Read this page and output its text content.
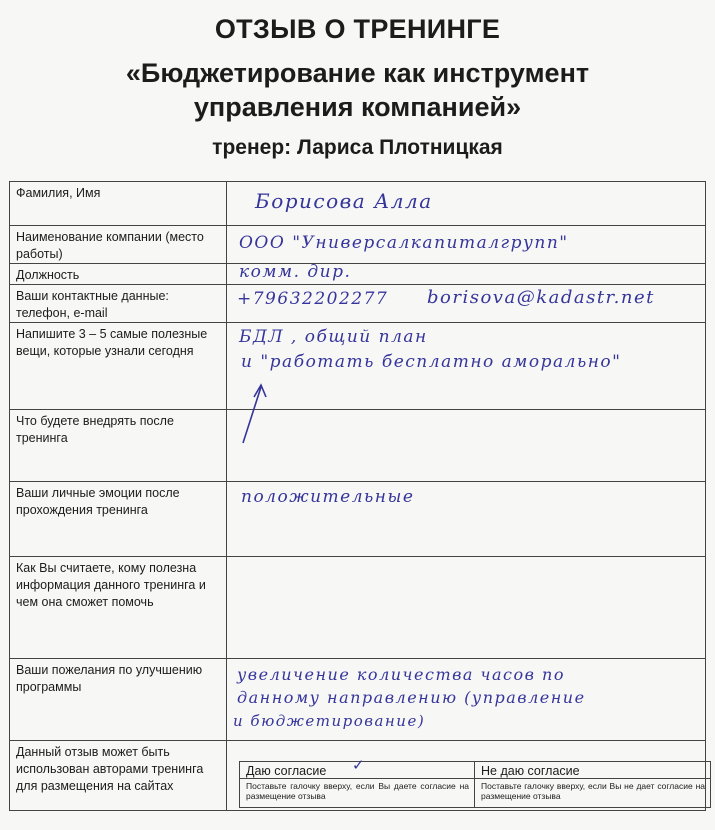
ОТЗЫВ О ТРЕНИНГЕ
«Бюджетирование как инструмент
управления компанией»
тренер: Лариса Плотницкая
Фамилия, Имя	Борисова Алла

Наименование компании (место работы)	ООО "Универсалкапиталгрупп"

Должность	комм. дир.

Ваши контактные данные: телефон, e-mail	+79632202277 borisova@kadastr.net

Напишите 3 – 5 самые полезные вещи, которые узнали сегодня	БДЛ , общий план
и "работать бесплатно аморально"

Что будете внедрять после тренинга	
Ваши личные эмоции после прохождения тренинга	положительные

Как Вы считаете, кому полезна информация данного тренинга и чем она сможет помочь	
Ваши пожелания по улучшению программы	увеличение количества часов по
данному направлению (управление
и бюджетирование)

Данный отзыв может быть использован авторами тренинга для размещения на сайтах	Даю согласие ✓
Поставьте галочку вверху, если Вы даете согласие на размещение отзыва
Не даю согласие
Поставьте галочку вверху, если Вы не дает согласие на размещение отзыва
